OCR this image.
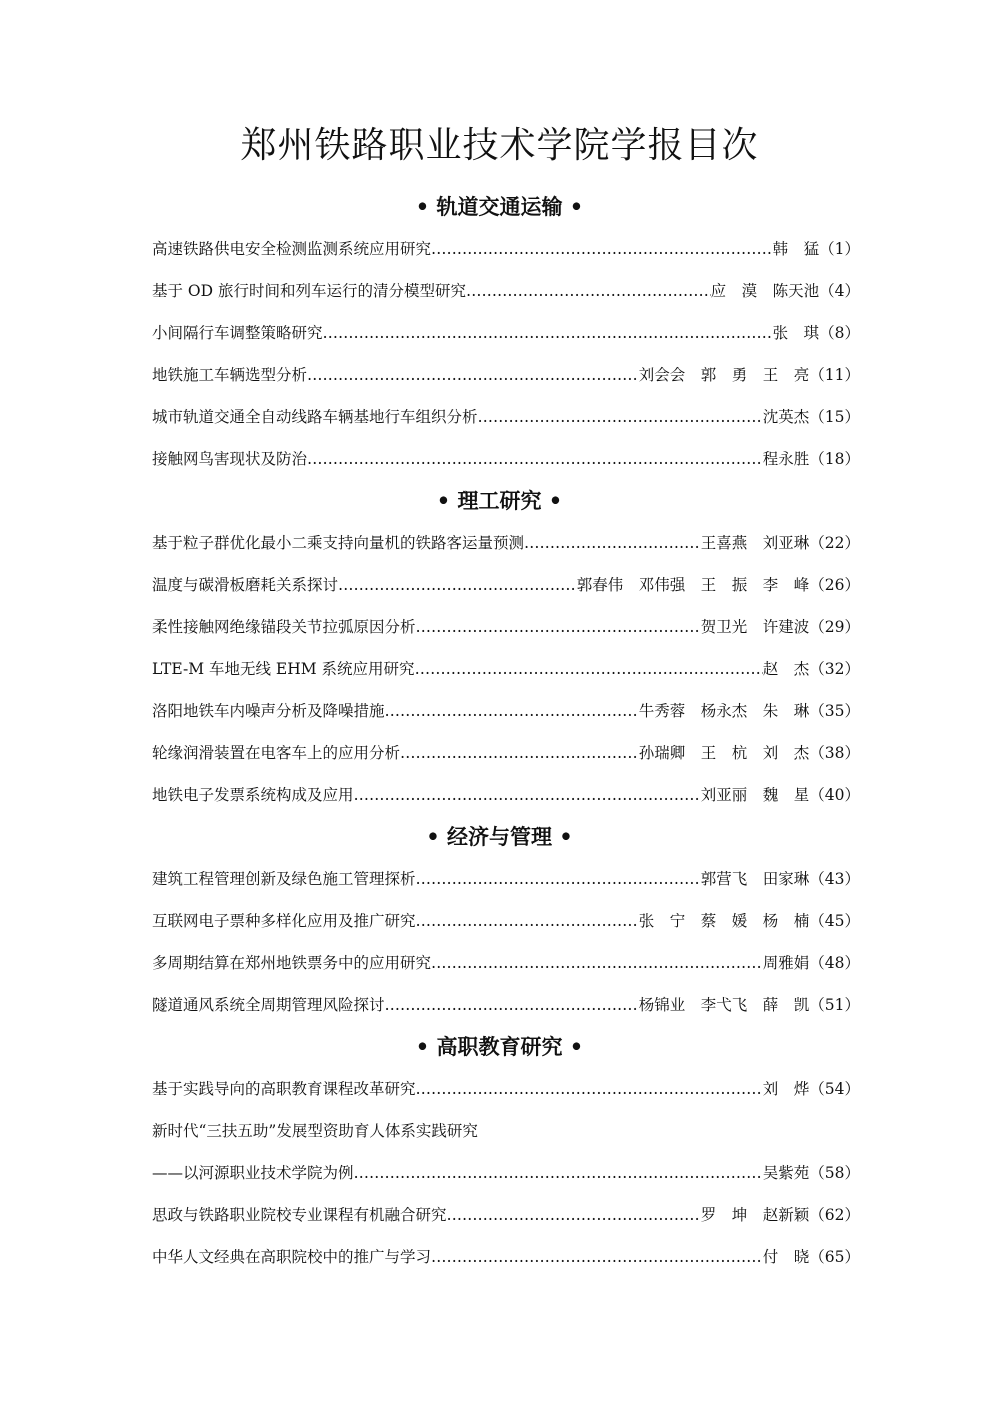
郑州铁路职业技术学院学报目次
• 轨道交通运输 •
高速铁路供电安全检测监测系统应用研究 …………………………………………………………………………………………………………………………………………………………………	韩　猛 （1）
基于 OD 旅行时间和列车运行的清分模型研究 …………………………………………………………………………………………………………………………………………………………………	应　漠　陈天池 （4）
小间隔行车调整策略研究 …………………………………………………………………………………………………………………………………………………………………	张　琪 （8）
地铁施工车辆选型分析 …………………………………………………………………………………………………………………………………………………………………	刘会会　郭　勇　王　亮 （11）
城市轨道交通全自动线路车辆基地行车组织分析 …………………………………………………………………………………………………………………………………………………………………	沈英杰 （15）
接触网鸟害现状及防治 …………………………………………………………………………………………………………………………………………………………………	程永胜 （18）
• 理工研究 •
基于粒子群优化最小二乘支持向量机的铁路客运量预测 …………………………………………………………………………………………………………………………………………………………………	王喜燕　刘亚琳 （22）
温度与碳滑板磨耗关系探讨 …………………………………………………………………………………………………………………………………………………………………	郭春伟　邓伟强　王　振　李　峰 （26）
柔性接触网绝缘锚段关节拉弧原因分析 …………………………………………………………………………………………………………………………………………………………………	贺卫光　许建波 （29）
LTE-M 车地无线 EHM 系统应用研究 …………………………………………………………………………………………………………………………………………………………………	赵　杰 （32）
洛阳地铁车内噪声分析及降噪措施 …………………………………………………………………………………………………………………………………………………………………	牛秀蓉　杨永杰　朱　琳 （35）
轮缘润滑装置在电客车上的应用分析 …………………………………………………………………………………………………………………………………………………………………	孙瑞卿　王　杭　刘　杰 （38）
地铁电子发票系统构成及应用 …………………………………………………………………………………………………………………………………………………………………	刘亚丽　魏　星 （40）
• 经济与管理 •
建筑工程管理创新及绿色施工管理探析 …………………………………………………………………………………………………………………………………………………………………	郭营飞　田家琳 （43）
互联网电子票种多样化应用及推广研究 …………………………………………………………………………………………………………………………………………………………………	张　宁　蔡　媛　杨　楠 （45）
多周期结算在郑州地铁票务中的应用研究 …………………………………………………………………………………………………………………………………………………………………	周雅娟 （48）
隧道通风系统全周期管理风险探讨 …………………………………………………………………………………………………………………………………………………………………	杨锦业　李弋飞　薛　凯 （51）
• 高职教育研究 •
基于实践导向的高职教育课程改革研究 …………………………………………………………………………………………………………………………………………………………………	刘　烨 （54）
新时代“三扶五助”发展型资助育人体系实践研究
——以河源职业技术学院为例 …………………………………………………………………………………………………………………………………………………………………	吴紫苑 （58）
思政与铁路职业院校专业课程有机融合研究 …………………………………………………………………………………………………………………………………………………………………	罗　坤　赵新颖 （62）
中华人文经典在高职院校中的推广与学习 …………………………………………………………………………………………………………………………………………………………………	付　晓 （65）
